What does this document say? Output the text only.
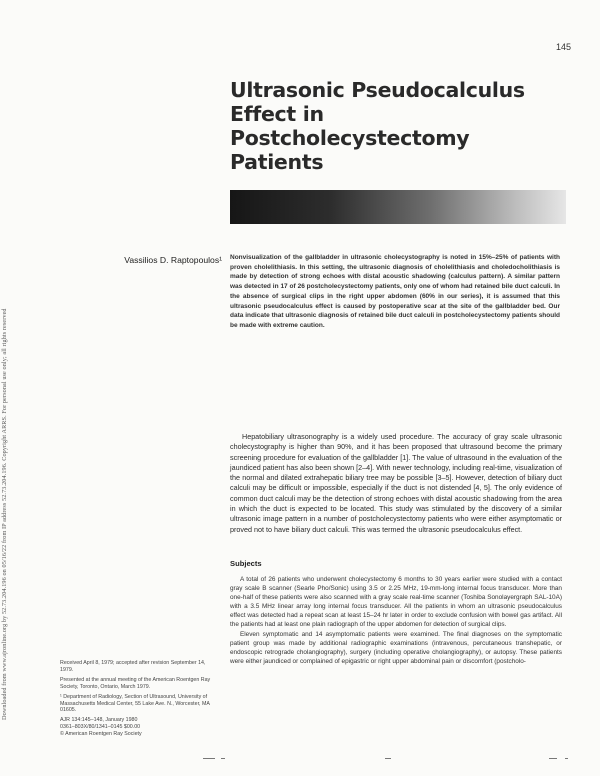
Downloaded from www.ajronline.org by 52.73.204.196 on 05/16/22 from IP address 52.73.204.196. Copyright ARRS. For personal use only; all rights reserved
145
Ultrasonic Pseudocalculus
Effect in
Postcholecystectomy
Patients
Vassilios D. Raptopoulos¹ Nonvisualization of the gallbladder in ultrasonic cholecystography is noted in 15%–25% of patients with proven cholelithiasis. In this setting, the ultrasonic diagnosis of cholelithiasis and choledocholithiasis is made by detection of strong echoes with distal acoustic shadowing (calculus pattern). A similar pattern was detected in 17 of 26 postcholecystectomy patients, only one of whom had retained bile duct calculi. In the absence of surgical clips in the right upper abdomen (60% in our series), it is assumed that this ultrasonic pseudocalculus effect is caused by postoperative scar at the site of the gallbladder bed. Our data indicate that ultrasonic diagnosis of retained bile duct calculi in postcholecystectomy patients should be made with extreme caution.

Hepatobiliary ultrasonography is a widely used procedure. The accuracy of gray scale ultrasonic cholecystography is higher than 90%, and it has been proposed that ultrasound become the primary screening procedure for evaluation of the gallbladder [1]. The value of ultrasound in the evaluation of the jaundiced patient has also been shown [2–4]. With newer technology, including real-time, visualization of the normal and dilated extrahepatic biliary tree may be possible [3–5]. However, detection of biliary duct calculi may be difficult or impossible, especially if the duct is not distended [4, 5]. The only evidence of common duct calculi may be the detection of strong echoes with distal acoustic shadowing from the area in which the duct is expected to be located. This study was stimulated by the discovery of a similar ultrasonic image pattern in a number of postcholecystectomy patients who were either asymptomatic or proved not to have biliary duct calculi. This was termed the ultrasonic pseudocalculus effect.

Subjects

A total of 26 patients who underwent cholecystectomy 6 months to 30 years earlier were studied with a contact gray scale B scanner (Searle Pho/Sonic) using 3.5 or 2.25 MHz, 19-mm-long internal focus transducer. More than one-half of these patients were also scanned with a gray scale real-time scanner (Toshiba Sonolayergraph SAL-10A) with a 3.5 MHz linear array long internal focus transducer. All the patients in whom an ultrasonic pseudocalculus effect was detected had a repeat scan at least 15–24 hr later in order to exclude confusion with bowel gas artifact. All the patients had at least one plain radiograph of the upper abdomen for detection of surgical clips.

Eleven symptomatic and 14 asymptomatic patients were examined. The final diagnoses on the symptomatic patient group was made by additional radiographic examinations (intravenous, percutaneous transhepatic, or endoscopic retrograde cholangiography), surgery (including operative cholangiography), or autopsy. These patients were either jaundiced or complained of epigastric or right upper abdominal pain or discomfort (postcholo-

Received April 8, 1979; accepted after revision September 14, 1979.

Presented at the annual meeting of the American Roentgen Ray Society, Toronto, Ontario, March 1979.

¹ Department of Radiology, Section of Ultrasound, University of Massachusetts Medical Center, 55 Lake Ave. N., Worcester, MA 01605.

AJR 134:145–148, January 1980

0361–803X/80/1341–0145 $00.00

© American Roentgen Ray Society
